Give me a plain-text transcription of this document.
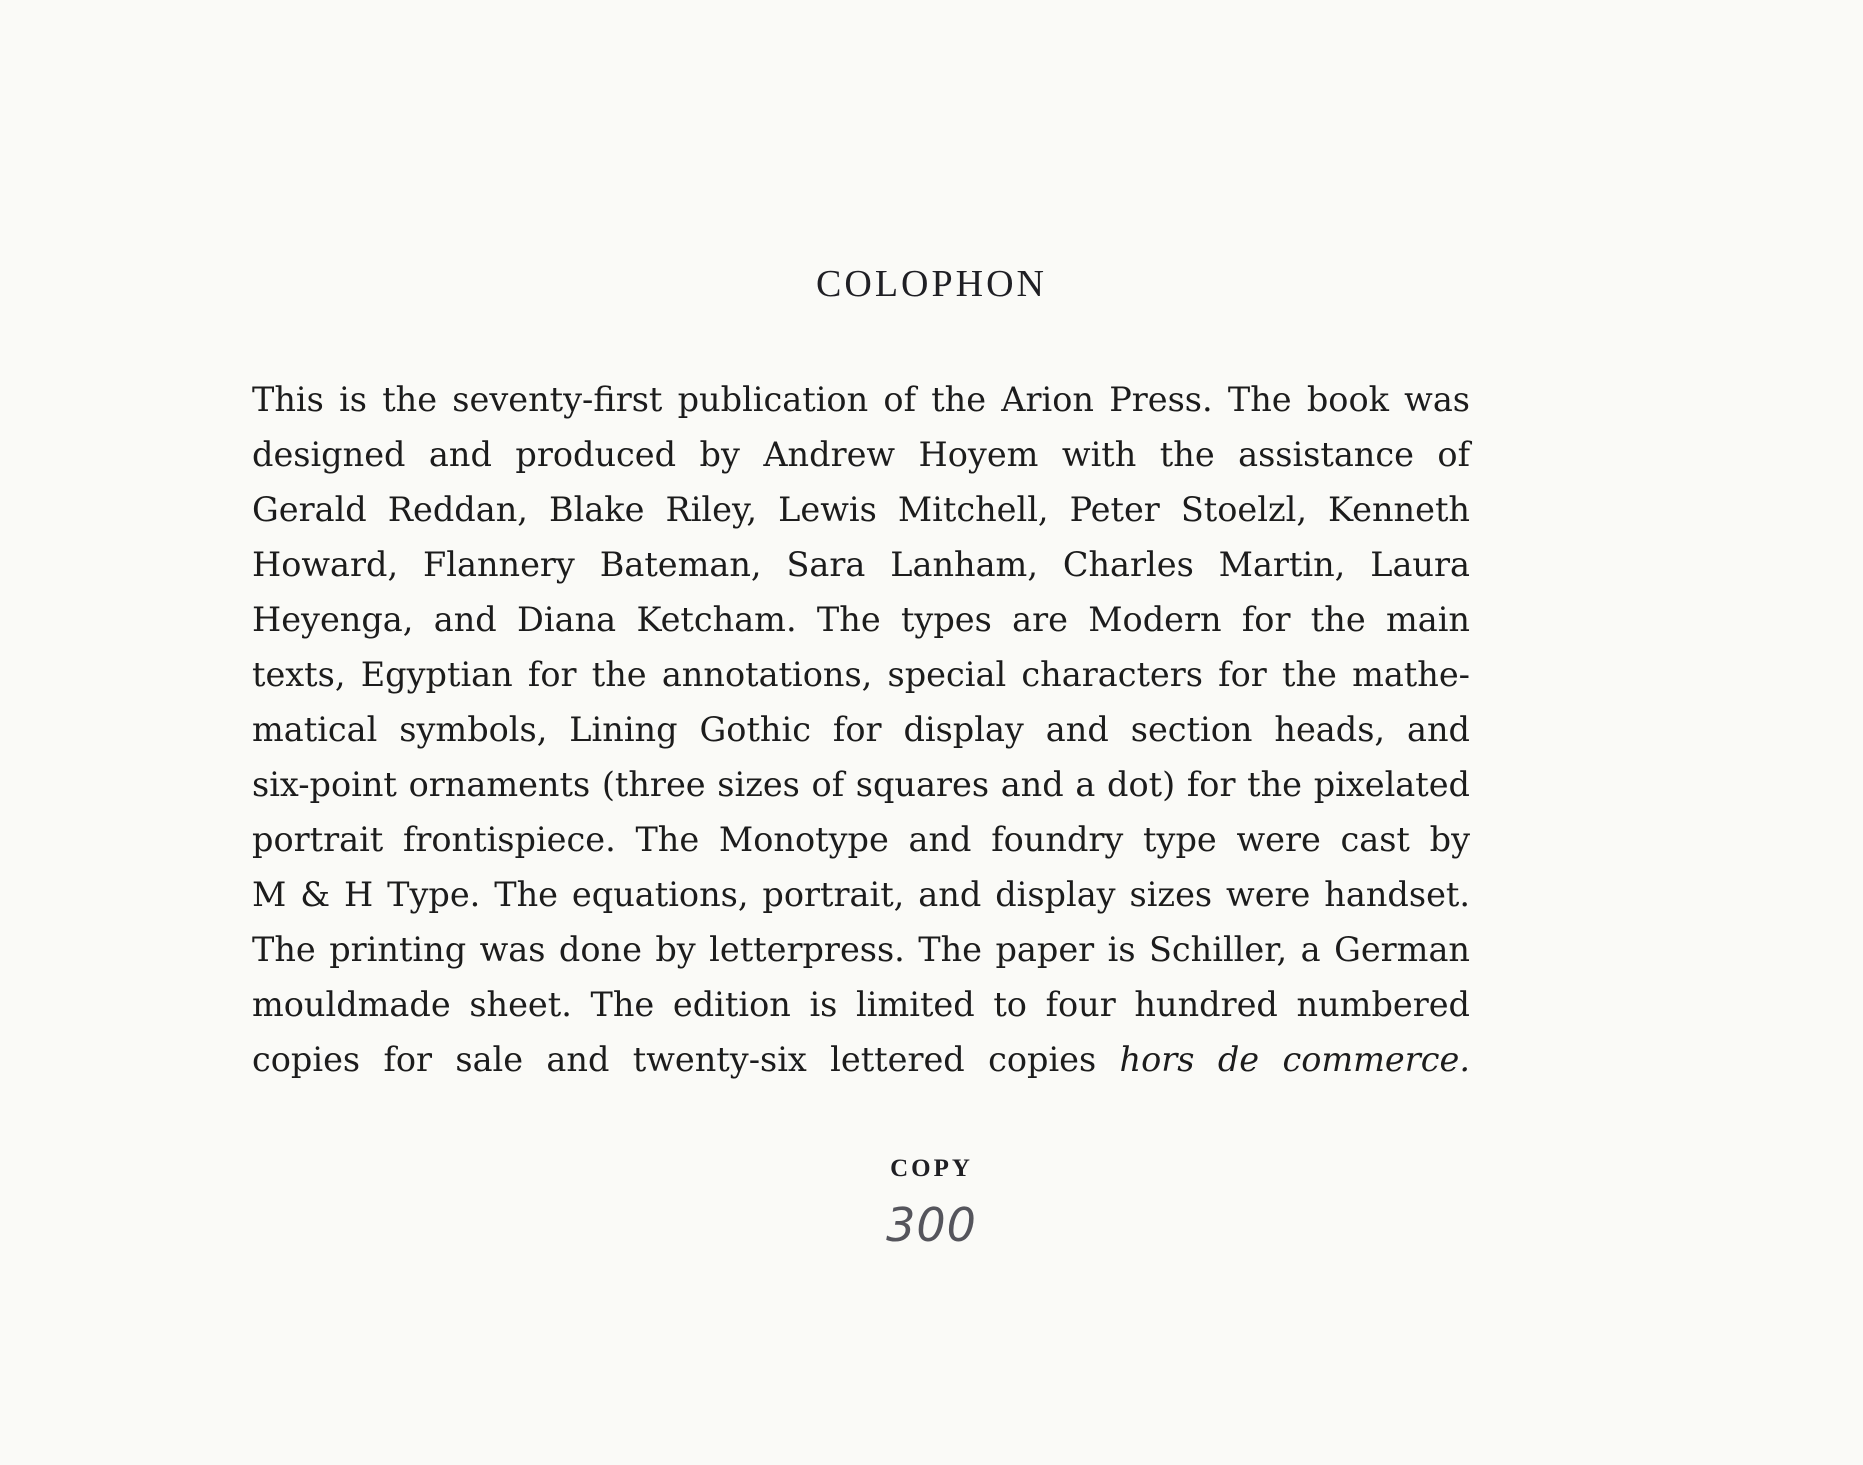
COLOPHON
This is the seventy-first publication of the Arion Press. The book was
designed and produced by Andrew Hoyem with the assistance of
Gerald Reddan, Blake Riley, Lewis Mitchell, Peter Stoelzl, Kenneth
Howard, Flannery Bateman, Sara Lanham, Charles Martin, Laura
Heyenga, and Diana Ketcham. The types are Modern for the main
texts, Egyptian for the annotations, special characters for the mathe-
matical symbols, Lining Gothic for display and section heads, and
six-point ornaments (three sizes of squares and a dot) for the pixelated
portrait frontispiece. The Monotype and foundry type were cast by
M & H Type. The equations, portrait, and display sizes were handset.
The printing was done by letterpress. The paper is Schiller, a German
mouldmade sheet. The edition is limited to four hundred numbered
copies for sale and twenty-six lettered copies hors de commerce.
COPY
300
